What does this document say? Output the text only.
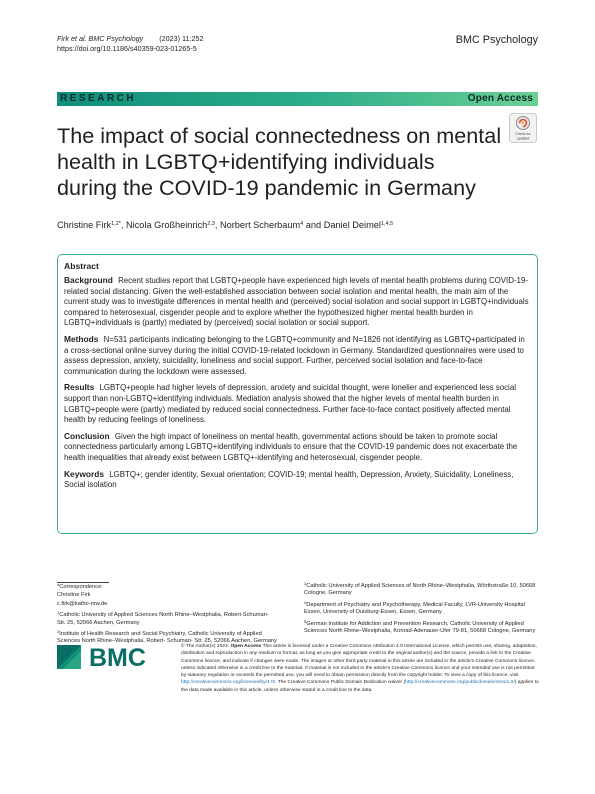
Firk et al. BMC Psychology (2023) 11:252
https://doi.org/10.1186/s40359-023-01265-5
BMC Psychology
RESEARCH	Open Access
The impact of social connectedness on mental
health in LGBTQ+identifying individuals
during the COVID-19 pandemic in Germany
Check for
updates
Christine Firk$^{1,2*}$, Nicola Großheinrich$^{2,3}$, Norbert Scherbaum$^4$ and Daniel Deimel$^{1,4,5}$
Abstract

Background Recent studies report that LGBTQ+people have experienced high levels of mental health problems during COVID-19-related social distancing. Given the well-established association between social isolation and mental health, the main aim of the current study was to investigate differences in mental health and (perceived) social isolation and social support in LGBTQ+individuals compared to heterosexual, cisgender people and to explore whether the hypothesized higher mental health burden in LGBTQ+individuals is (partly) mediated by (perceived) social isolation or social support.

Methods N=531 participants indicating belonging to the LGBTQ+community and N=1826 not identifying as LGBTQ+participated in a cross-sectional online survey during the initial COVID-19-related lockdown in Germany. Standardized questionnaires were used to assess depression, anxiety, suicidality, loneliness and social support. Further, perceived social isolation and face-to-face communication during the lockdown were assessed.

Results LGBTQ+people had higher levels of depression, anxiety and suicidal thought, were lonelier and experienced less social support than non-LGBTQ+identifying individuals. Mediation analysis showed that the higher levels of mental health burden in LGBTQ+people were (partly) mediated by reduced social connectedness. Further face-to-face contact positively affected mental health by reducing feelings of loneliness.

Conclusion Given the high impact of loneliness on mental health, governmental actions should be taken to promote social connectedness particularly among LGBTQ+identifying individuals to ensure that the COVID-19 pandemic does not exacerbate the health inequalities that already exist between LGBTQ+-identifying and heterosexual, cisgender people.

Keywords LGBTQ+; gender identity, Sexual orientation; COVID-19; mental health, Depression, Anxiety, Suicidality, Loneliness, Social isolation

*Correspondence:

Christine Firk

c.firk@katho-nrw.de

$^1$Catholic University of Applied Sciences North Rhine–Westphalia, Robert-Schuman- Str. 25, 52066 Aachen, Germany

$^2$Institute of Health Research and Social Psychiatry, Catholic University of Applied Sciences North Rhine–Westphalia, Robert- Schuman- Str. 25, 52066 Aachen, Germany

$^3$Catholic University of Applied Sciences of North Rhine–Westphalia, Wörthstraße 10, 50668 Cologne, Germany

$^4$Department of Psychiatry and Psychotherapy, Medical Faculty, LVR-University Hospital Essen, University of Duisburg-Essen, Essen, Germany

$^5$German Institute for Addiction and Prevention Research, Catholic University of Applied Sciences North Rhine–Westphalia, Konrad-Adenauer-Ufer 79-81, 50668 Cologne, Germany

BMC	© The Author(s) 2023. Open Access This article is licensed under a Creative Commons Attribution 4.0 International License, which permits use, sharing, adaptation, distribution and reproduction in any medium or format, as long as you give appropriate credit to the original author(s) and the source, provide a link to the Creative Commons licence, and indicate if changes were made. The images or other third party material in this article are included in the article's Creative Commons licence, unless indicated otherwise in a credit line to the material. If material is not included in the article's Creative Commons licence and your intended use is not permitted by statutory regulation or exceeds the permitted use, you will need to obtain permission directly from the copyright holder. To view a copy of this licence, visit http://creativecommons.org/licenses/by/4.0/. The Creative Commons Public Domain Dedication waiver (http://creativecommons.org/publicdomain/zero/1.0/) applies to the data made available in this article, unless otherwise stated in a credit line to the data.
